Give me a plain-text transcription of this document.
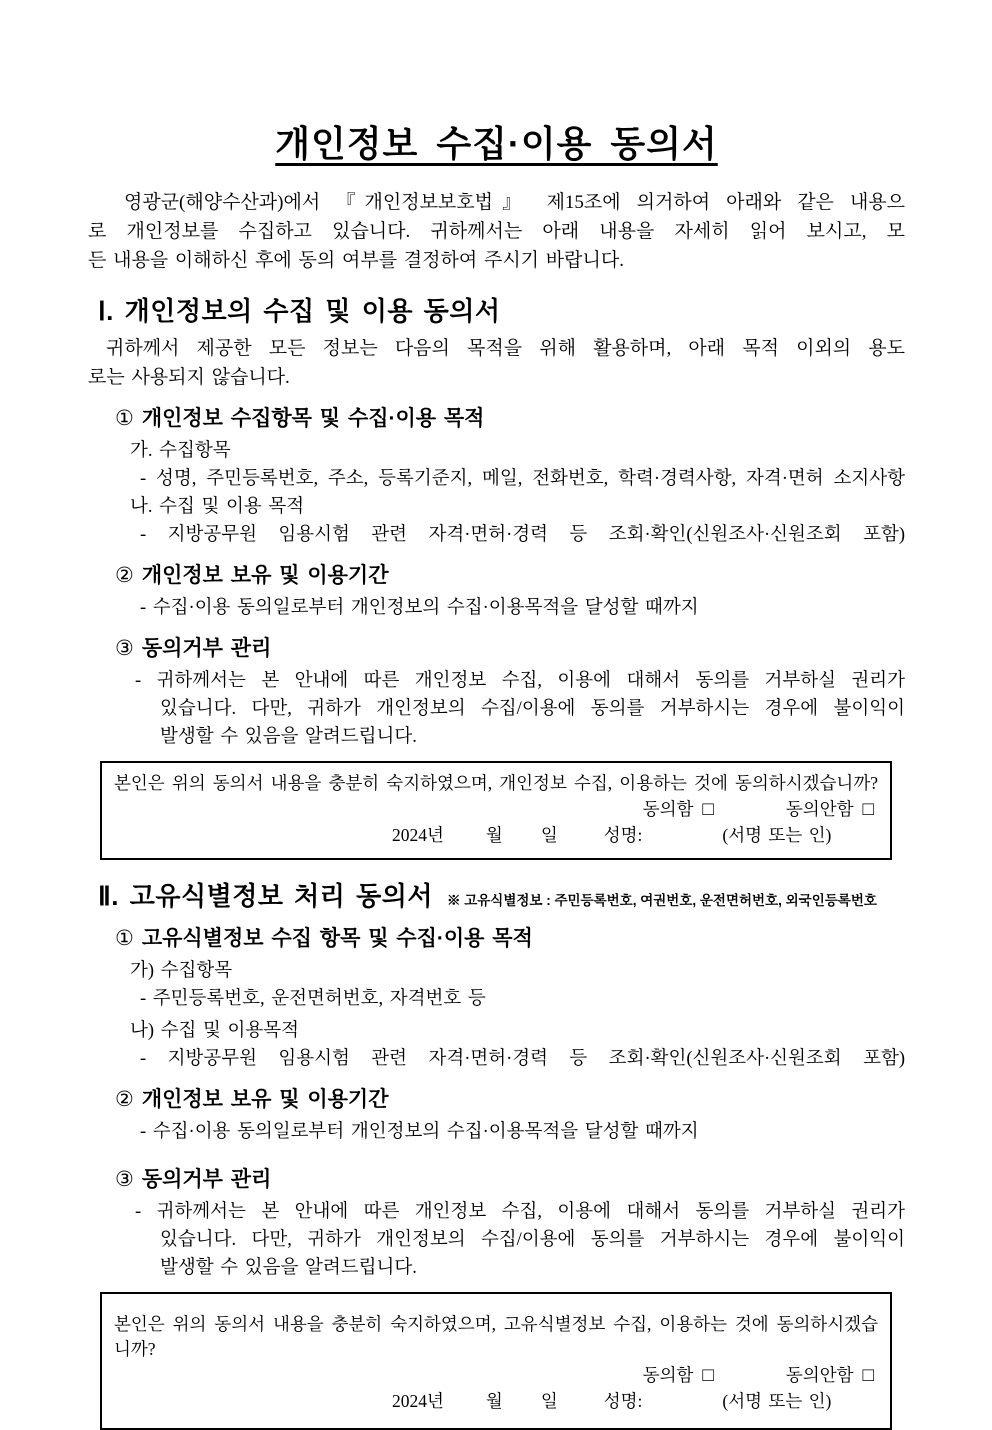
개인정보 수집·이용 동의서
영광군(해양수산과)에서 『개인정보보호법』 제15조에 의거하여 아래와 같은 내용으
로 개인정보를 수집하고 있습니다. 귀하께서는 아래 내용을 자세히 읽어 보시고, 모
든 내용을 이해하신 후에 동의 여부를 결정하여 주시기 바랍니다.
Ⅰ. 개인정보의 수집 및 이용 동의서
귀하께서 제공한 모든 정보는 다음의 목적을 위해 활용하며, 아래 목적 이외의 용도
로는 사용되지 않습니다.
① 개인정보 수집항목 및 수집·이용 목적
가. 수집항목
- 성명, 주민등록번호, 주소, 등록기준지, 메일, 전화번호, 학력·경력사항, 자격·면허 소지사항
나. 수집 및 이용 목적
- 지방공무원 임용시험 관련 자격·면허·경력 등 조회·확인(신원조사·신원조회 포함)
② 개인정보 보유 및 이용기간
- 수집·이용 동의일로부터 개인정보의 수집·이용목적을 달성할 때까지
③ 동의거부 관리
- 귀하께서는 본 안내에 따른 개인정보 수집, 이용에 대해서 동의를 거부하실 권리가
있습니다. 다만, 귀하가 개인정보의 수집/이용에 동의를 거부하시는 경우에 불이익이
발생할 수 있음을 알려드립니다.
본인은 위의 동의서 내용을 충분히 숙지하였으며, 개인정보 수집, 이용하는 것에 동의하시겠습니까?
동의함 □	동의안함 □
2024년 월 일	성명:	(서명 또는 인)
Ⅱ. 고유식별정보 처리 동의서 ※ 고유식별정보 : 주민등록번호, 여권번호, 운전면허번호, 외국인등록번호
① 고유식별정보 수집 항목 및 수집·이용 목적
가) 수집항목
- 주민등록번호, 운전면허번호, 자격번호 등
나) 수집 및 이용목적
- 지방공무원 임용시험 관련 자격·면허·경력 등 조회·확인(신원조사·신원조회 포함)
② 개인정보 보유 및 이용기간
- 수집·이용 동의일로부터 개인정보의 수집·이용목적을 달성할 때까지
③ 동의거부 관리
- 귀하께서는 본 안내에 따른 개인정보 수집, 이용에 대해서 동의를 거부하실 권리가
있습니다. 다만, 귀하가 개인정보의 수집/이용에 동의를 거부하시는 경우에 불이익이
발생할 수 있음을 알려드립니다.
본인은 위의 동의서 내용을 충분히 숙지하였으며, 고유식별정보 수집, 이용하는 것에 동의하시겠습니까?
동의함 □	동의안함 □
2024년 월 일	성명:	(서명 또는 인)
